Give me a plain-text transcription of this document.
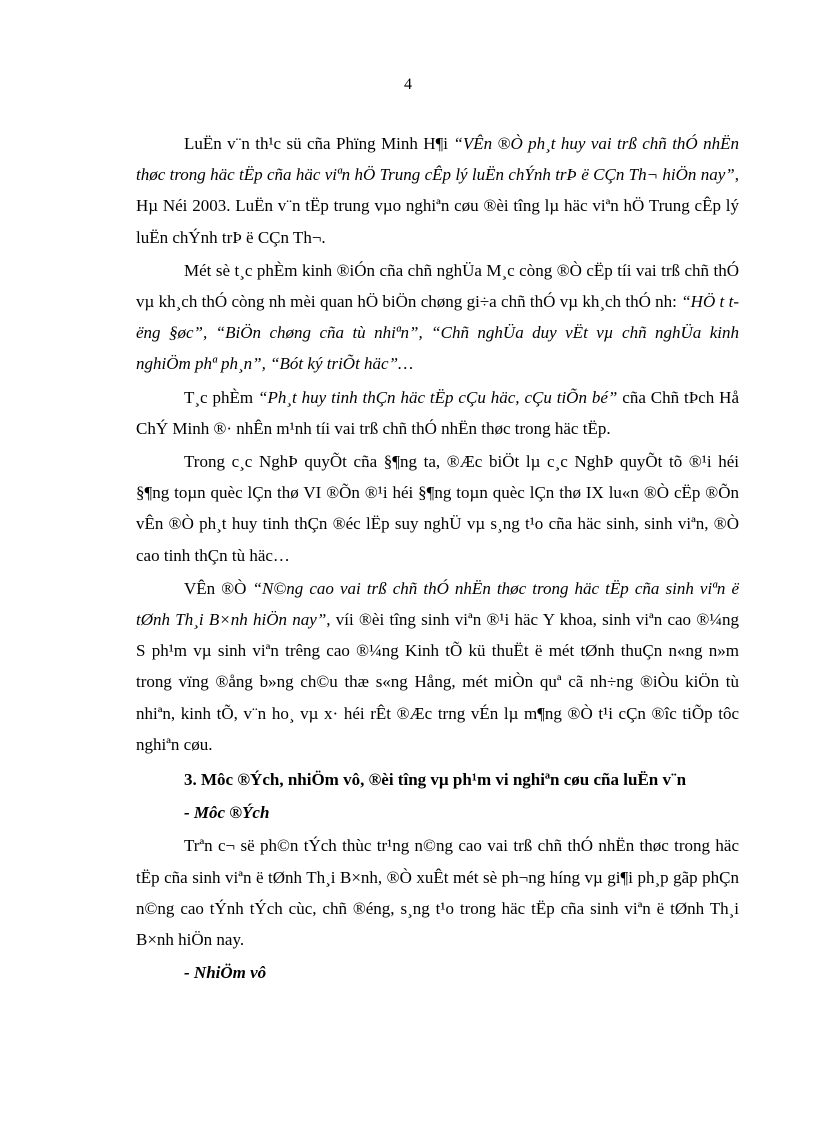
4

LuËn v¨n th¹c sü cña Phïng Minh H¶i “VÊn ®Ò ph¸t huy vai trß chñ thÓ nhËn thøc trong häc tËp cña häc viªn hÖ Trung cÊp lý luËn chÝnh trÞ ë CÇn Th¬ hiÖn nay”, Hµ Néi 2003. LuËn v¨n tËp trung vµo nghiªn cøu ®èi tîng lµ häc viªn hÖ Trung cÊp lý luËn chÝnh trÞ ë CÇn Th¬.

Mét sè t¸c phÈm kinh ®iÓn cña chñ nghÜa M¸c còng ®Ò cËp tíi vai trß chñ thÓ vµ kh¸ch thÓ còng nh mèi quan hÖ biÖn chøng gi÷a chñ thÓ vµ kh¸ch thÓ nh: “HÖ t tëng §øc”, “BiÖn chøng cña tù nhiªn”, “Chñ nghÜa duy vËt vµ chñ nghÜa kinh nghiÖm phª ph¸n”, “Bót ký triÕt häc”…

T¸c phÈm “Ph¸t huy tinh thÇn häc tËp cÇu häc, cÇu tiÕn bé” cña Chñ tÞch Hå ChÝ Minh ®· nhÊn m¹nh tíi vai trß chñ thÓ nhËn thøc trong häc tËp.

Trong c¸c NghÞ quyÕt cña §¶ng ta, ®Æc biÖt lµ c¸c NghÞ quyÕt tõ ®¹i héi §¶ng toµn quèc lÇn thø VI ®Õn ®¹i héi §¶ng toµn quèc lÇn thø IX lu«n ®Ò cËp ®Õn vÊn ®Ò ph¸t huy tinh thÇn ®éc lËp suy nghÜ vµ s¸ng t¹o cña häc sinh, sinh viªn, ®Ò cao tinh thÇn tù häc…

VÊn ®Ò “N©ng cao vai trß chñ thÓ nhËn thøc trong häc tËp cña sinh viªn ë tØnh Th¸i B×nh hiÖn nay”, víi ®èi tîng sinh viªn ®¹i häc Y khoa, sinh viªn cao ®¼ng S ph¹m vµ sinh viªn trêng cao ®¼ng Kinh tÕ kü thuËt ë mét tØnh thuÇn n«ng n»m trong vïng ®ång b»ng ch©u thæ s«ng Hång, mét miÒn quª cã nh÷ng ®iÒu kiÖn tù nhiªn, kinh tÕ, v¨n ho¸ vµ x· héi rÊt ®Æc trng vÉn lµ m¶ng ®Ò t¹i cÇn ®îc tiÕp tôc nghiªn cøu.

3. Môc ®Ých, nhiÖm vô, ®èi tîng vµ ph¹m vi nghiªn cøu cña luËn v¨n

- Môc ®Ých

Trªn c¬ së ph©n tÝch thùc tr¹ng n©ng cao vai trß chñ thÓ nhËn thøc trong häc tËp cña sinh viªn ë tØnh Th¸i B×nh, ®Ò xuÊt mét sè ph¬ng híng vµ gi¶i ph¸p gãp phÇn n©ng cao tÝnh tÝch cùc, chñ ®éng, s¸ng t¹o trong häc tËp cña sinh viªn ë tØnh Th¸i B×nh hiÖn nay.

- NhiÖm vô
